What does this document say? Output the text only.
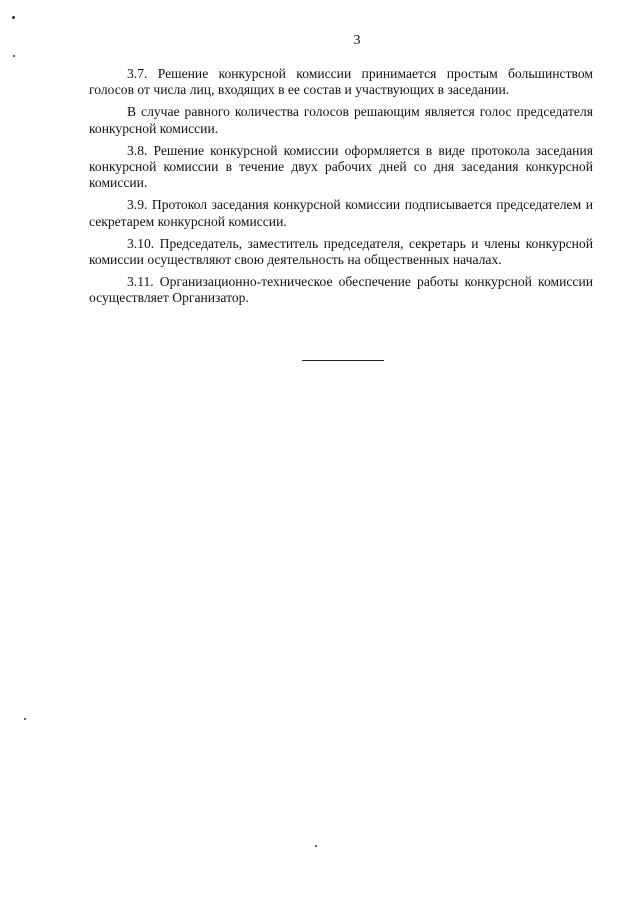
3

3.7. Решение конкурсной комиссии принимается простым большинством голосов от числа лиц, входящих в ее состав и участвующих в заседании.

В случае равного количества голосов решающим является голос председателя конкурсной комиссии.

3.8. Решение конкурсной комиссии оформляется в виде протокола заседания конкурсной комиссии в течение двух рабочих дней со дня заседания конкурсной комиссии.

3.9. Протокол заседания конкурсной комиссии подписывается председателем и секретарем конкурсной комиссии.

3.10. Председатель, заместитель председателя, секретарь и члены конкурсной комиссии осуществляют свою деятельность на общественных началах.

3.11. Организационно-техническое обеспечение работы конкурсной комиссии осуществляет Организатор.
